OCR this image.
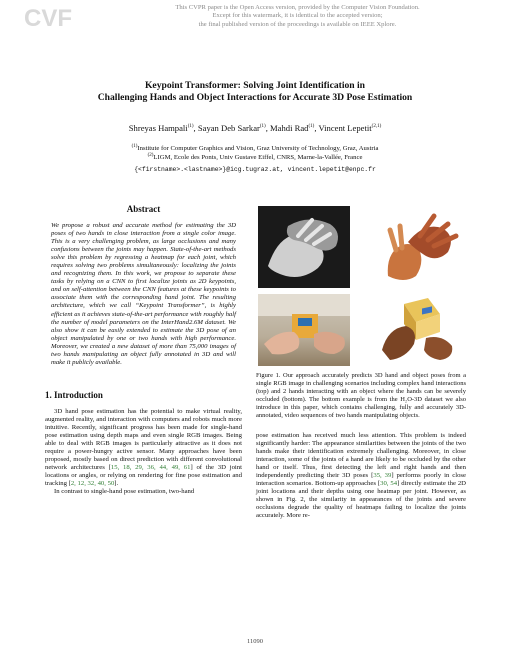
CVF	This CVPR paper is the Open Access version, provided by the Computer Vision Foundation.
Except for this watermark, it is identical to the accepted version;
the final published version of the proceedings is available on IEEE Xplore.
Keypoint Transformer: Solving Joint Identification in
Challenging Hands and Object Interactions for Accurate 3D Pose Estimation
Shreyas Hampali$^{(1)}$, Sayan Deb Sarkar$^{(1)}$, Mahdi Rad$^{(1)}$, Vincent Lepetit$^{(2,1)}$
$^{(1)}$Institute for Computer Graphics and Vision, Graz University of Technology, Graz, Austria
$^{(2)}$LIGM, Ecole des Ponts, Univ Gustave Eiffel, CNRS, Marne-la-Vallée, France
{<firstname>.<lastname>}@icg.tugraz.at, vincent.lepetit@enpc.fr
Abstract
We propose a robust and accurate method for estimating the 3D poses of two hands in close interaction from a single color image. This is a very challenging problem, as large occlusions and many confusions between the joints may happen. State-of-the-art methods solve this problem by regressing a heatmap for each joint, which requires solving two problems simultaneously: localizing the joints and recognizing them. In this work, we propose to separate these tasks by relying on a CNN to first localize joints as 2D keypoints, and on self-attention between the CNN features at these keypoints to associate them with the corresponding hand joint. The resulting architecture, which we call “Keypoint Transformer”, is highly efficient as it achieves state-of-the-art performance with roughly half the number of model parameters on the InterHand2.6M dataset. We also show it can be easily extended to estimate the 3D pose of an object manipulated by one or two hands with high performance. Moreover, we created a new dataset of more than 75,000 images of two hands manipulating an object fully annotated in 3D and will make it publicly available.
1. Introduction

3D hand pose estimation has the potential to make virtual reality, augmented reality, and interaction with computers and robots much more intuitive. Recently, significant progress has been made for single-hand pose estimation using depth maps and even single RGB images. Being able to deal with RGB images is particularly attractive as it does not require a power-hungry active sensor. Many approaches have been proposed, mostly based on direct prediction with different convolutional network architectures [15, 18, 29, 36, 44, 49, 61] of the 3D joint locations or angles, or relying on rendering for fine pose estimation and tracking [2, 12, 32, 40, 50].

In contrast to single-hand pose estimation, two-hand

Figure 1. Our approach accurately predicts 3D hand and object poses from a single RGB image in challenging scenarios including complex hand interactions (top) and 2 hands interacting with an object where the hands can be severely occluded (bottom). The bottom example is from the H₂O-3D dataset we also introduce in this paper, which contains challenging, fully and accurately 3D-annotated, video sequences of two hands manipulating objects.

pose estimation has received much less attention. This problem is indeed significantly harder: The appearance similarities between the joints of the two hands make their identification extremely challenging. Moreover, in close interaction, some of the joints of a hand are likely to be occluded by the other hand or itself. Thus, first detecting the left and right hands and then independently predicting their 3D poses [35, 39] performs poorly in close interaction scenarios. Bottom-up approaches [30, 54] directly estimate the 2D joint locations and their depths using one heatmap per joint. However, as shown in Fig. 2, the similarity in appearances of the joints and severe occlusions degrade the quality of heatmaps failing to localize the joints accurately. More re-

11090
